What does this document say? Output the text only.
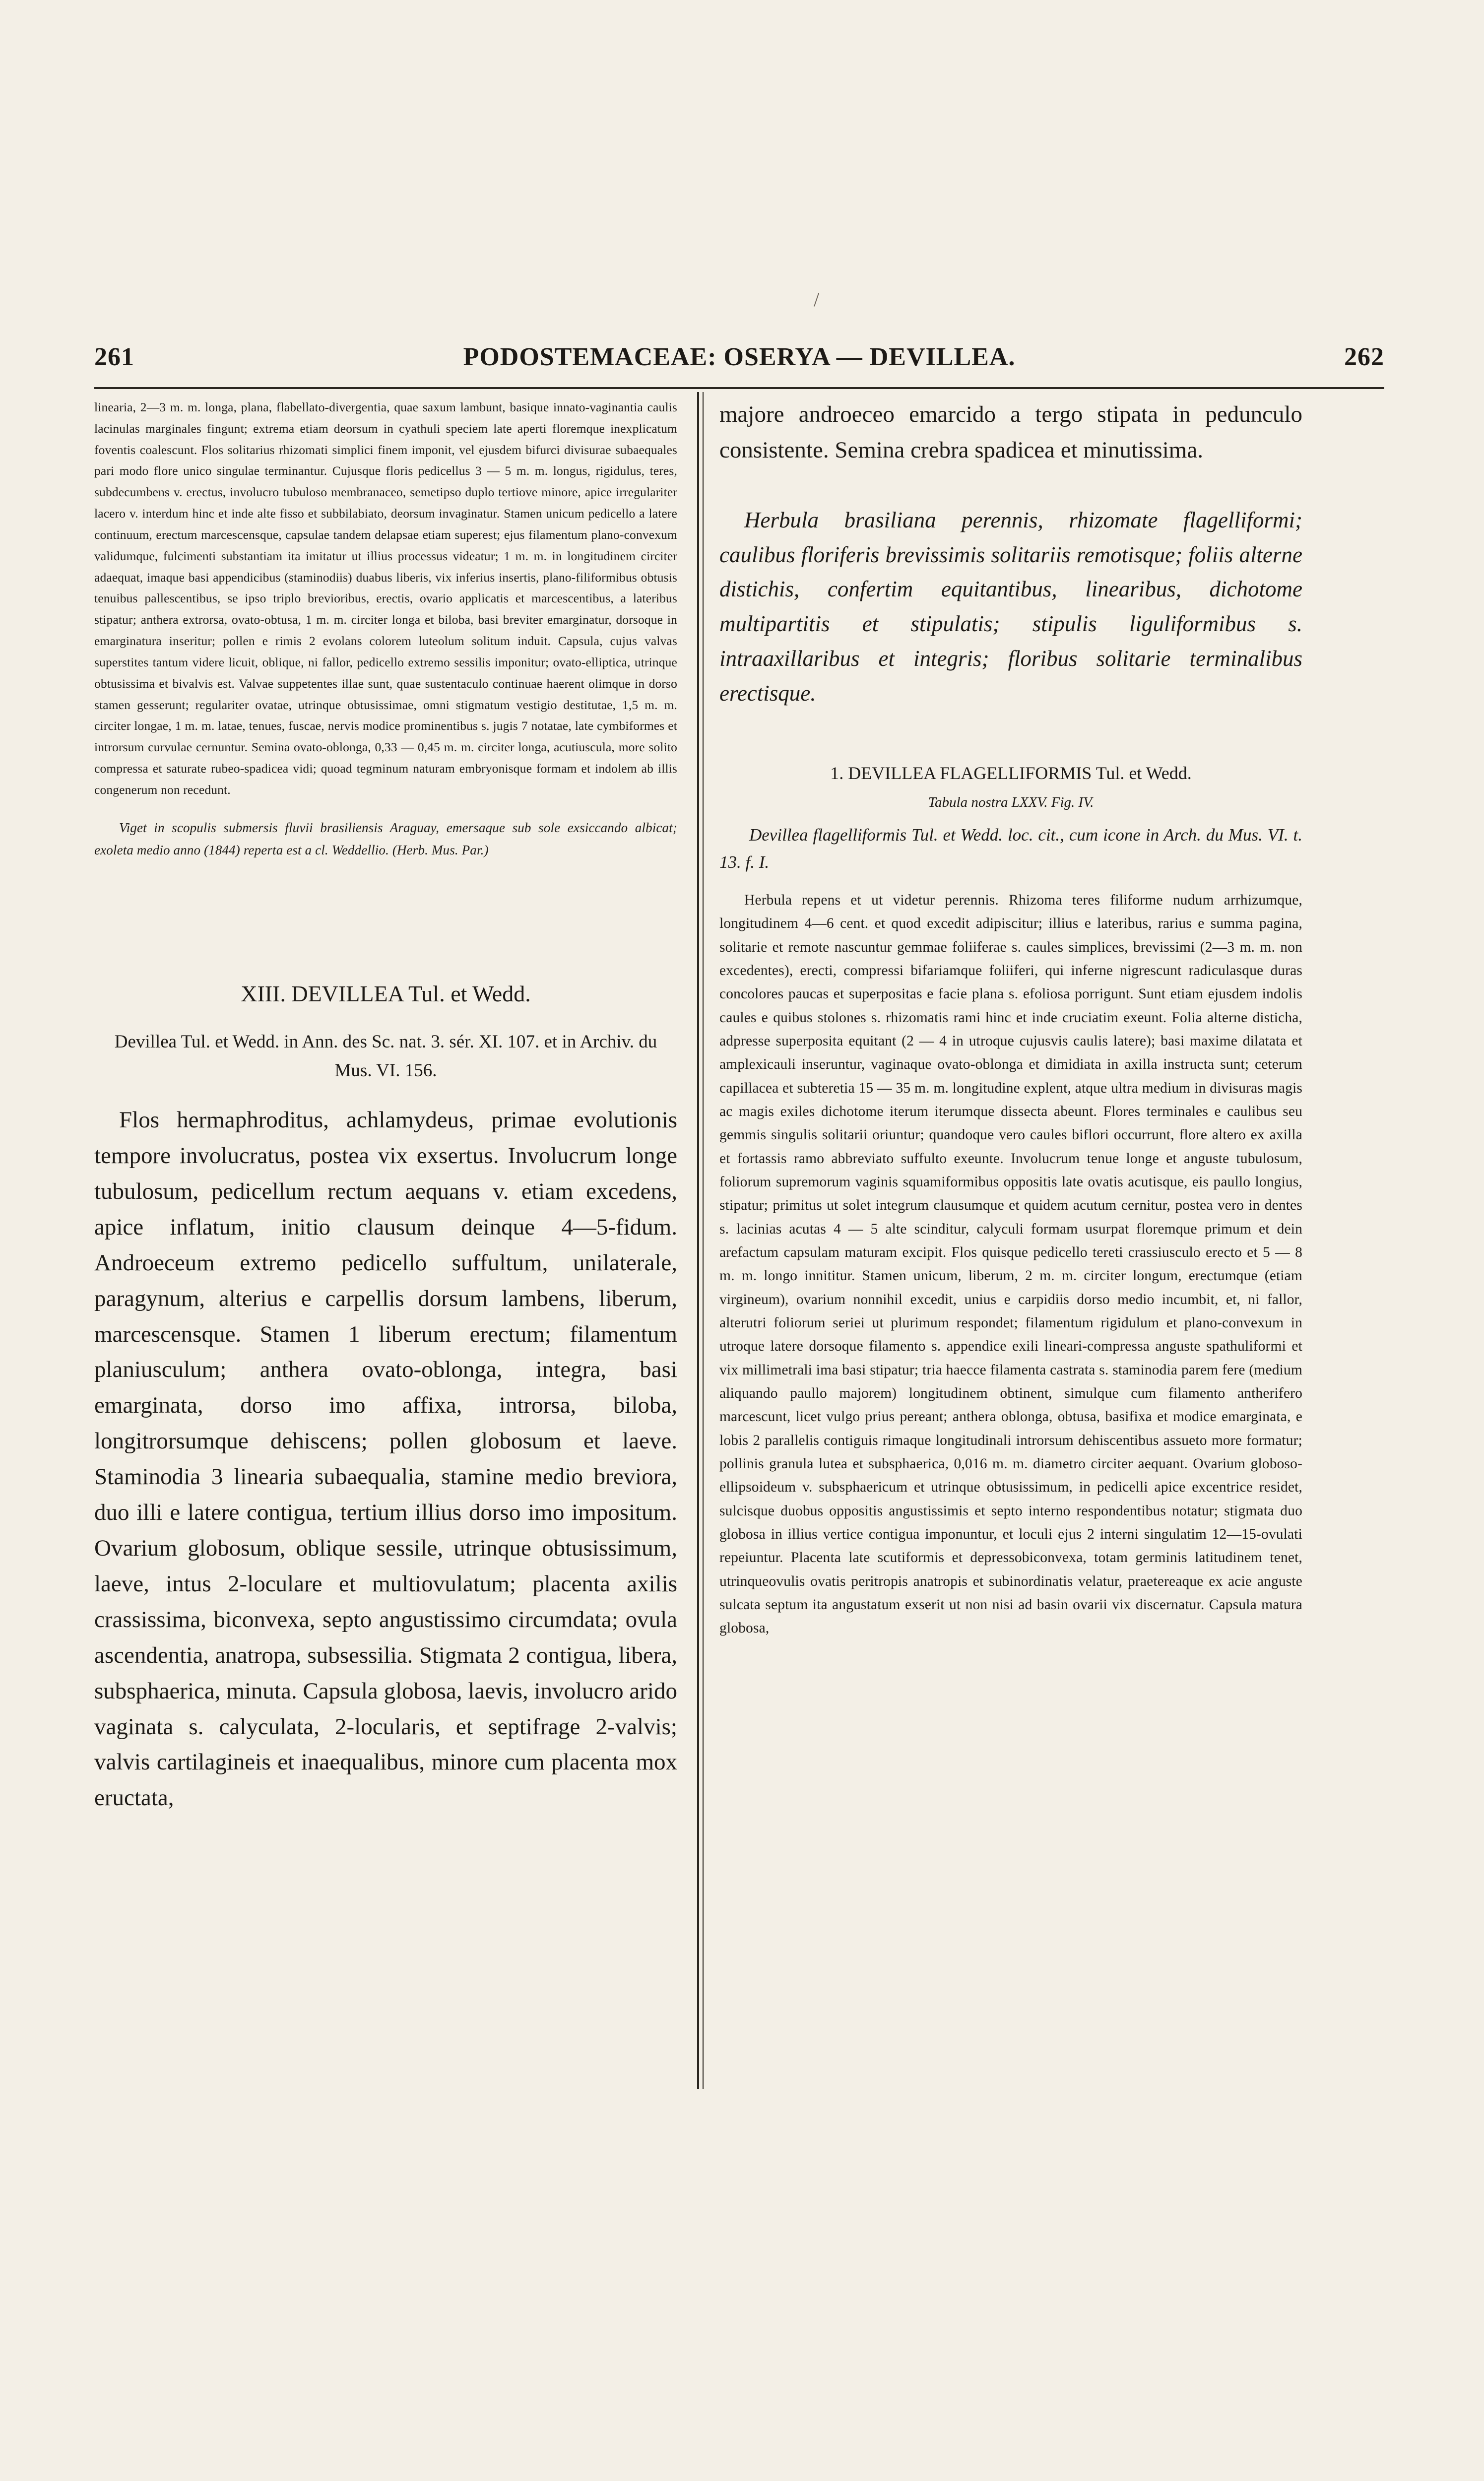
/
261	PODOSTEMACEAE: OSERYA — DEVILLEA.	262

linearia, 2—3 m. m. longa, plana, flabellato-divergentia, quae saxum lambunt, basique innato-vaginantia caulis lacinulas marginales fingunt; extrema etiam deorsum in cyathuli speciem late aperti floremque inexplicatum foventis coalescunt. Flos solitarius rhizomati simplici finem imponit, vel ejusdem bifurci divisurae subaequales pari modo flore unico singulae terminantur. Cujusque floris pedicellus 3 — 5 m. m. longus, rigidulus, teres, subdecumbens v. erectus, involucro tubuloso membranaceo, semetipso duplo tertiove minore, apice irregulariter lacero v. interdum hinc et inde alte fisso et subbilabiato, deorsum invaginatur. Stamen unicum pedicello a latere continuum, erectum marcescensque, capsulae tandem delapsae etiam superest; ejus filamentum plano-convexum validumque, fulcimenti substantiam ita imitatur ut illius processus videatur; 1 m. m. in longitudinem circiter adaequat, imaque basi appendicibus (staminodiis) duabus liberis, vix inferius insertis, plano-filiformibus obtusis tenuibus pallescentibus, se ipso triplo brevioribus, erectis, ovario applicatis et marcescentibus, a lateribus stipatur; anthera extrorsa, ovato-obtusa, 1 m. m. circiter longa et biloba, basi breviter emarginatur, dorsoque in emarginatura inseritur; pollen e rimis 2 evolans colorem luteolum solitum induit. Capsula, cujus valvas superstites tantum videre licuit, oblique, ni fallor, pedicello extremo sessilis imponitur; ovato-elliptica, utrinque obtusissima et bivalvis est. Valvae suppetentes illae sunt, quae sustentaculo continuae haerent olimque in dorso stamen gesserunt; regulariter ovatae, utrinque obtusissimae, omni stigmatum vestigio destitutae, 1,5 m. m. circiter longae, 1 m. m. latae, tenues, fuscae, nervis modice prominentibus s. jugis 7 notatae, late cymbiformes et introrsum curvulae cernuntur. Semina ovato-oblonga, 0,33 — 0,45 m. m. circiter longa, acutiuscula, more solito compressa et saturate rubeo-spadicea vidi; quoad tegminum naturam embryonisque formam et indolem ab illis congenerum non recedunt.

Viget in scopulis submersis fluvii brasiliensis Araguay, emersaque sub sole exsiccando albicat; exoleta medio anno (1844) reperta est a cl. Weddellio. (Herb. Mus. Par.)

XIII. DEVILLEA Tul. et Wedd.

Devillea Tul. et Wedd. in Ann. des Sc. nat. 3. sér. XI. 107. et in Archiv. du Mus. VI. 156.

Flos hermaphroditus, achlamydeus, primae evolutionis tempore involucratus, postea vix exsertus. Involucrum longe tubulosum, pedicellum rectum aequans v. etiam excedens, apice inflatum, initio clausum deinque 4—5-fidum. Androeceum extremo pedicello suffultum, unilaterale, paragynum, alterius e carpellis dorsum lambens, liberum, marcescensque. Stamen 1 liberum erectum; filamentum planiusculum; anthera ovato-oblonga, integra, basi emarginata, dorso imo affixa, introrsa, biloba, longitrorsumque dehiscens; pollen globosum et laeve. Staminodia 3 linearia subaequalia, stamine medio breviora, duo illi e latere contigua, tertium illius dorso imo impositum. Ovarium globosum, oblique sessile, utrinque obtusissimum, laeve, intus 2-loculare et multiovulatum; placenta axilis crassissima, biconvexa, septo angustissimo circumdata; ovula ascendentia, anatropa, subsessilia. Stigmata 2 contigua, libera, subsphaerica, minuta. Capsula globosa, laevis, involucro arido vaginata s. calyculata, 2-locularis, et septifrage 2-valvis; valvis cartilagineis et inaequalibus, minore cum placenta mox eructata,

majore androeceo emarcido a tergo stipata in pedunculo consistente. Semina crebra spadicea et minutissima.

Herbula brasiliana perennis, rhizomate flagelliformi; caulibus floriferis brevissimis solitariis remotisque; foliis alterne distichis, confertim equitantibus, linearibus, dichotome multipartitis et stipulatis; stipulis liguliformibus s. intraaxillaribus et integris; floribus solitarie terminalibus erectisque.

1. DEVILLEA FLAGELLIFORMIS Tul. et Wedd.

Tabula nostra LXXV. Fig. IV.

Devillea flagelliformis Tul. et Wedd. loc. cit., cum icone in Arch. du Mus. VI. t. 13. f. I.

Herbula repens et ut videtur perennis. Rhizoma teres filiforme nudum arrhizumque, longitudinem 4—6 cent. et quod excedit adipiscitur; illius e lateribus, rarius e summa pagina, solitarie et remote nascuntur gemmae foliiferae s. caules simplices, brevissimi (2—3 m. m. non excedentes), erecti, compressi bifariamque foliiferi, qui inferne nigrescunt radiculasque duras concolores paucas et superpositas e facie plana s. efoliosa porrigunt. Sunt etiam ejusdem indolis caules e quibus stolones s. rhizomatis rami hinc et inde cruciatim exeunt. Folia alterne disticha, adpresse superposita equitant (2 — 4 in utroque cujusvis caulis latere); basi maxime dilatata et amplexicauli inseruntur, vaginaque ovato-oblonga et dimidiata in axilla instructa sunt; ceterum capillacea et subteretia 15 — 35 m. m. longitudine explent, atque ultra medium in divisuras magis ac magis exiles dichotome iterum iterumque dissecta abeunt. Flores terminales e caulibus seu gemmis singulis solitarii oriuntur; quandoque vero caules biflori occurrunt, flore altero ex axilla et fortassis ramo abbreviato suffulto exeunte. Involucrum tenue longe et anguste tubulosum, foliorum supremorum vaginis squamiformibus oppositis late ovatis acutisque, eis paullo longius, stipatur; primitus ut solet integrum clausumque et quidem acutum cernitur, postea vero in dentes s. lacinias acutas 4 — 5 alte scinditur, calyculi formam usurpat floremque primum et dein arefactum capsulam maturam excipit. Flos quisque pedicello tereti crassiusculo erecto et 5 — 8 m. m. longo innititur. Stamen unicum, liberum, 2 m. m. circiter longum, erectumque (etiam virgineum), ovarium nonnihil excedit, unius e carpidiis dorso medio incumbit, et, ni fallor, alterutri foliorum seriei ut plurimum respondet; filamentum rigidulum et plano-convexum in utroque latere dorsoque filamento s. appendice exili lineari-compressa anguste spathuliformi et vix millimetrali ima basi stipatur; tria haecce filamenta castrata s. staminodia parem fere (medium aliquando paullo majorem) longitudinem obtinent, simulque cum filamento antherifero marcescunt, licet vulgo prius pereant; anthera oblonga, obtusa, basifixa et modice emarginata, e lobis 2 parallelis contiguis rimaque longitudinali introrsum dehiscentibus assueto more formatur; pollinis granula lutea et subsphaerica, 0,016 m. m. diametro circiter aequant. Ovarium globoso-ellipsoideum v. subsphaericum et utrinque obtusissimum, in pedicelli apice excentrice residet, sulcisque duobus oppositis angustissimis et septo interno respondentibus notatur; stigmata duo globosa in illius vertice contigua imponuntur, et loculi ejus 2 interni singulatim 12—15-ovulati repeiuntur. Placenta late scutiformis et depressobiconvexa, totam germinis latitudinem tenet, utrinqueovulis ovatis peritropis anatropis et subinordinatis velatur, praetereaque ex acie anguste sulcata septum ita angustatum exserit ut non nisi ad basin ovarii vix discernatur. Capsula matura globosa,
